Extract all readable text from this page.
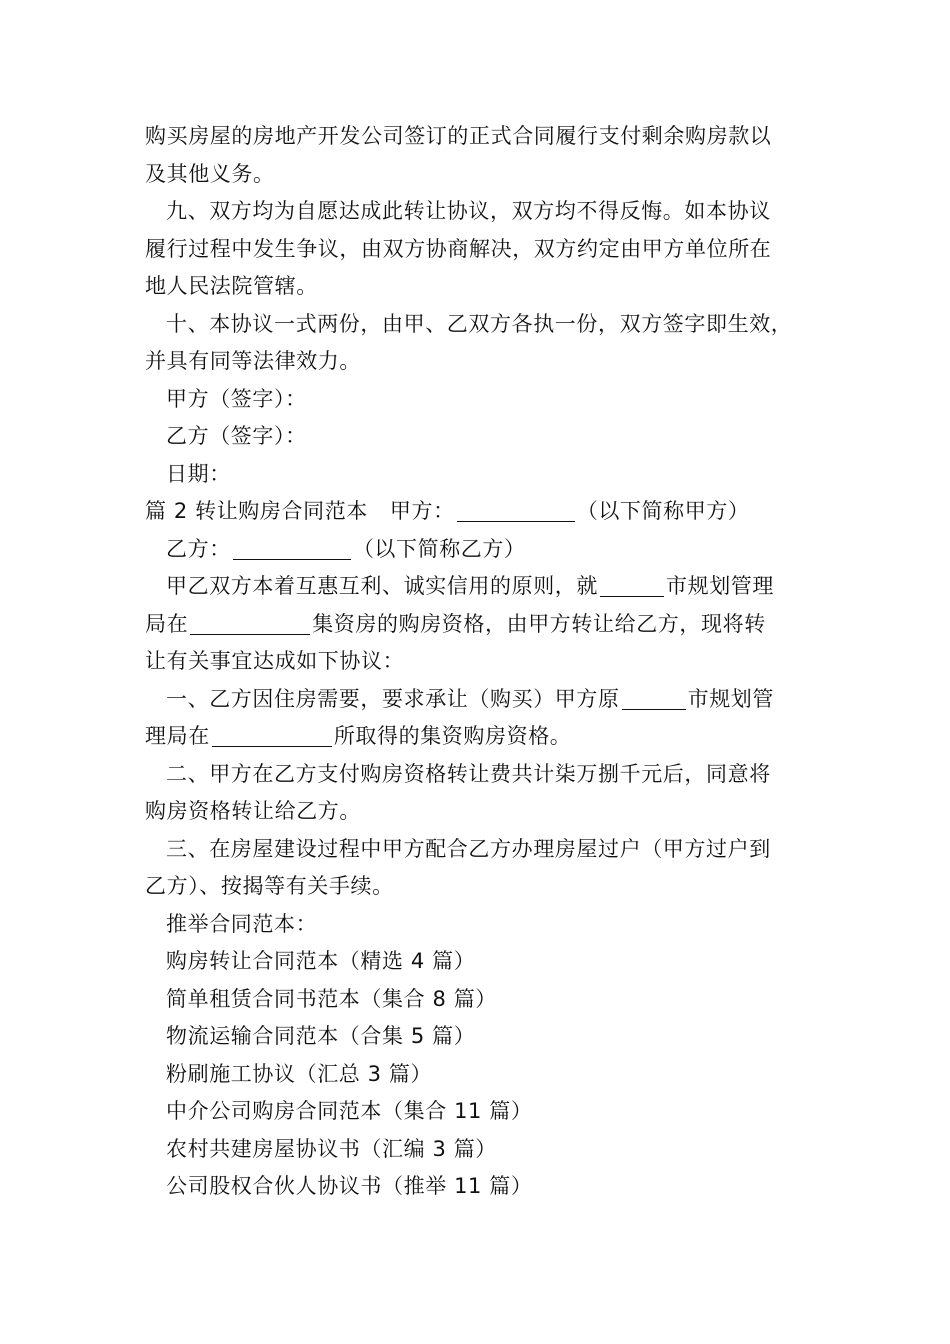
购买房屋的房地产开发公司签订的正式合同履行支付剩余购房款以

及其他义务。

九、双方均为自愿达成此转让协议，双方均不得反悔。如本协议

履行过程中发生争议，由双方协商解决，双方约定由甲方单位所在

地人民法院管辖。

十、本协议一式两份，由甲、乙双方各执一份，双方签字即生效，

并具有同等法律效力。

甲方（签字）：

乙方（签字）：

日期：

篇 2 转让购房合同范本 甲方：	（以下简称甲方）

乙方：	（以下简称乙方）

甲乙双方本着互惠互利、诚实信用的原则，就	市规划管理

局在	集资房的购房资格，由甲方转让给乙方，现将转

让有关事宜达成如下协议：

一、乙方因住房需要，要求承让（购买）甲方原	市规划管

理局在	所取得的集资购房资格。

二、甲方在乙方支付购房资格转让费共计柒万捌千元后，同意将

购房资格转让给乙方。

三、在房屋建设过程中甲方配合乙方办理房屋过户（甲方过户到

乙方）、按揭等有关手续。

推举合同范本：

购房转让合同范本（精选 4 篇）

简单租赁合同书范本（集合 8 篇）

物流运输合同范本（合集 5 篇）

粉刷施工协议（汇总 3 篇）

中介公司购房合同范本（集合 11 篇）

农村共建房屋协议书（汇编 3 篇）

公司股权合伙人协议书（推举 11 篇）
